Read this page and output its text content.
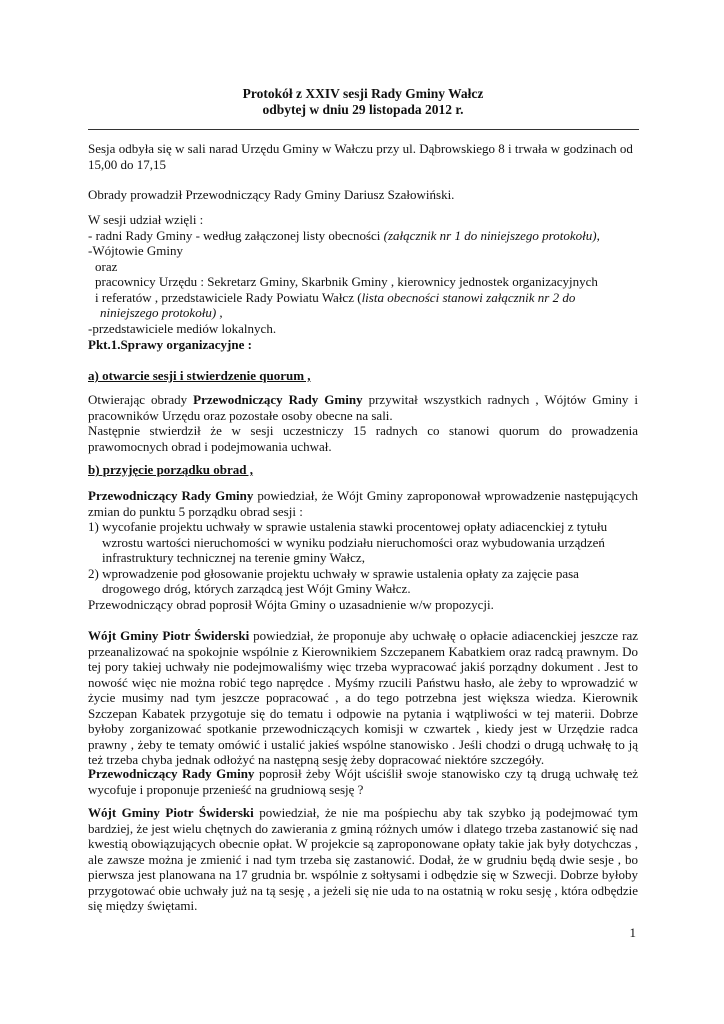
Protokół z XXIV sesji Rady Gminy Wałcz
odbytej w dniu 29 listopada 2012 r.

Sesja odbyła się w sali narad Urzędu Gminy w Wałczu przy ul. Dąbrowskiego 8 i trwała w godzinach od 15,00 do 17,15

Obrady prowadził Przewodniczący Rady Gminy Dariusz Szałowiński.

W sesji udział wzięli :
- radni Rady Gminy - według załączonej listy obecności (załącznik nr 1 do niniejszego protokołu),
-Wójtowie Gminy
oraz
pracownicy Urzędu : Sekretarz Gminy, Skarbnik Gminy , kierownicy jednostek organizacyjnych
i referatów , przedstawiciele Rady Powiatu Wałcz (lista obecności stanowi załącznik nr 2 do
niniejszego protokołu) ,
-przedstawiciele mediów lokalnych.

Pkt.1.Sprawy organizacyjne :

a) otwarcie sesji i stwierdzenie quorum ,

Otwierając obrady Przewodniczący Rady Gminy przywitał wszystkich radnych , Wójtów Gminy i pracowników Urzędu oraz pozostałe osoby obecne na sali.
Następnie stwierdził że w sesji uczestniczy 15 radnych co stanowi quorum do prowadzenia prawomocnych obrad i podejmowania uchwał.

b) przyjęcie porządku obrad ,

Przewodniczący Rady Gminy powiedział, że Wójt Gminy zaproponował wprowadzenie następujących zmian do punktu 5 porządku obrad sesji :

1) wycofanie projektu uchwały w sprawie ustalenia stawki procentowej opłaty adiacenckiej z tytułu wzrostu wartości nieruchomości w wyniku podziału nieruchomości oraz wybudowania urządzeń infrastruktury technicznej na terenie gminy Wałcz,
2) wprowadzenie pod głosowanie projektu uchwały w sprawie ustalenia opłaty za zajęcie pasa drogowego dróg, których zarządcą jest Wójt Gminy Wałcz.

Przewodniczący obrad poprosił Wójta Gminy o uzasadnienie w/w propozycji.

Wójt Gminy Piotr Świderski powiedział, że proponuje aby uchwałę o opłacie adiacenckiej jeszcze raz przeanalizować na spokojnie wspólnie z Kierownikiem Szczepanem Kabatkiem oraz radcą prawnym. Do tej pory takiej uchwały nie podejmowaliśmy więc trzeba wypracować jakiś porządny dokument . Jest to nowość więc nie można robić tego naprędce . Myśmy rzucili Państwu hasło, ale żeby to wprowadzić w życie musimy nad tym jeszcze popracować , a do tego potrzebna jest większa wiedza. Kierownik Szczepan Kabatek przygotuje się do tematu i odpowie na pytania i wątpliwości w tej materii. Dobrze byłoby zorganizować spotkanie przewodniczących komisji w czwartek , kiedy jest w Urzędzie radca prawny , żeby te tematy omówić i ustalić jakieś wspólne stanowisko . Jeśli chodzi o drugą uchwałę to ją też trzeba chyba jednak odłożyć na następną sesję żeby dopracować niektóre szczegóły.

Przewodniczący Rady Gminy poprosił żeby Wójt uściślił swoje stanowisko czy tą drugą uchwałę też wycofuje i proponuje przenieść na grudniową sesję ?

Wójt Gminy Piotr Świderski powiedział, że nie ma pośpiechu aby tak szybko ją podejmować tym bardziej, że jest wielu chętnych do zawierania z gminą różnych umów i dlatego trzeba zastanowić się nad kwestią obowiązujących obecnie opłat. W projekcie są zaproponowane opłaty takie jak były dotychczas , ale zawsze można je zmienić i nad tym trzeba się zastanowić. Dodał, że w grudniu będą dwie sesje , bo pierwsza jest planowana na 17 grudnia br. wspólnie z sołtysami i odbędzie się w Szwecji. Dobrze byłoby przygotować obie uchwały już na tą sesję , a jeżeli się nie uda to na ostatnią w roku sesję , która odbędzie się między świętami.

1
